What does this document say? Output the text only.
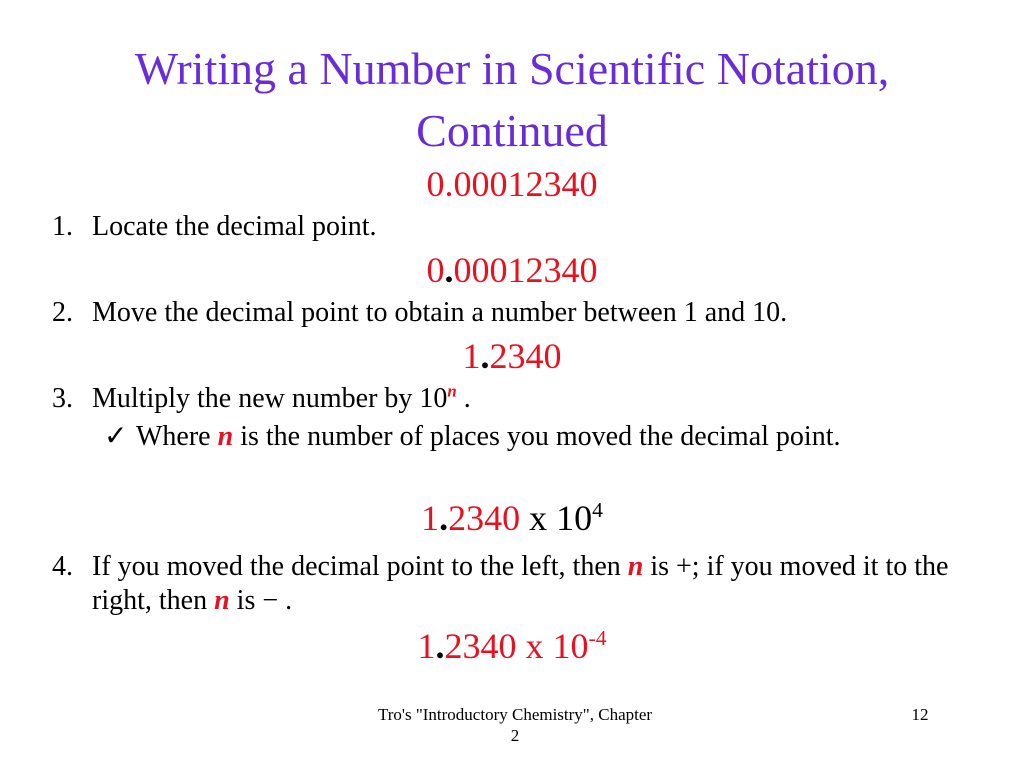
Writing a Number in Scientific Notation, Continued
0.00012340
1. Locate the decimal point.
0.00012340
2. Move the decimal point to obtain a number between 1 and 10.
1.2340
3. Multiply the new number by 10$^n$ .
✓ Where n is the number of places you moved the decimal point.
1.2340 x $10^4$
4. If you moved the decimal point to the left, then n is +; if you moved it to the right, then n is − .
1.2340 x $10^{-4}$
Tro's "Introductory Chemistry", Chapter 2
12
